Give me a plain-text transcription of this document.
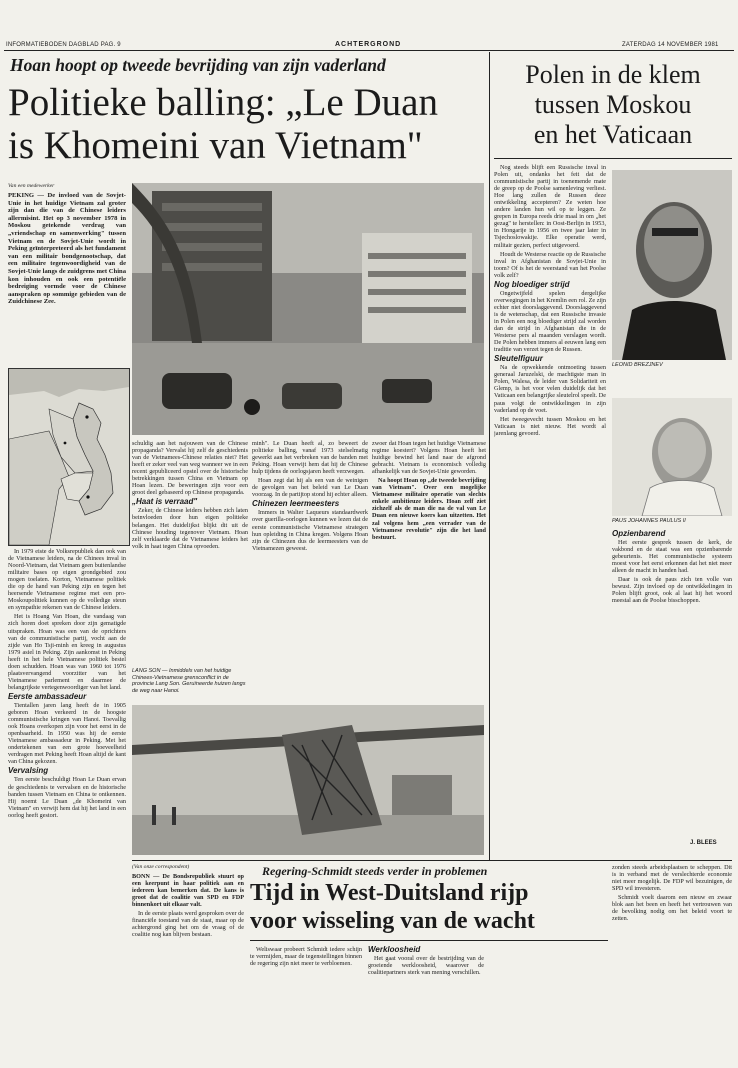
INFORMATIEBODEN DAGBLAD PAG. 9	ACHTERGROND	ZATERDAG 14 NOVEMBER 1981
Hoan hoopt op tweede bevrijding van zijn vaderland
Politieke balling: „Le Duan
is Khomeini van Vietnam"
Van een medewerker
PEKING — De invloed van de Sovjet-Unie in het huidige Vietnam zal groter zijn dan die van de Chinese leiders allermisint. Het op 3 november 1978 in Moskou getekende verdrag van „vriendschap en samenwerking" tussen Vietnam en de Sovjet-Unie wordt in Peking geïnterpreteerd als het fundament van een militair bondgenootschap, dat een militaire tegenwoordigheid van de Sovjet-Unie langs de zuidgrens met China kon inhouden en ook een potentiële bedreiging vormde voor de Chinese aanspraken op sommige gebieden van de Zuidchinese Zee.

In 1979 eiste de Volksrepubliek dan ook van de Vietnamese leiders, na de Chinees inval in Noord-Vietnam, dat Vietnam geen buitenlandse militaire bases op eigen grondgebied zou mogen toelaten. Korton, Vietnamese politiek die op de hand van Peking zijn en tegen het heersende Vietnamese regime met een pro-Moskoupolitiek kunnen op de volledige steun en sympathie rekenen van de Chinese leiders.

Het is Hoang Van Hoan, die vandaag van zich horen doet spreken door zijn gematigde uitspraken. Hoan was een van de oprichters van de communistische partij, vocht aan de zijde van Ho Tsji-minh en kreeg in augustus 1979 asiel in Peking. Zijn aankomst in Peking heeft in het hele Vietnamese politiek bestel doen schudden. Hoan was van 1960 tot 1976 plaatsvervangend voorzitter van het Vietnamese parlement en daarmee de belangrijkste vertegenwoordiger van het land.

Eerste ambassadeur

Tientallen jaren lang heeft de in 1905 geboren Hoan verkeerd in de hoogste communistische kringen van Hanoi. Toevallig ook Hoans overkopen zijn voor het eerst in de openbaarheid. In 1950 was hij de eerste Vietnamese ambassadeur in Peking. Met het ondertekenen van een grote hoeveelheid verdragen met Peking heeft Hoan altijd de kant van China gekozen.

Vervalsing

Ten eerste beschuldigt Hoan Le Duan ervan de geschiedenis te vervalsen en de historische banden tussen Vietnam en China te ontkennen. Hij noemt Le Duan „de Khomeini van Vietnam" en verwijt hem dat hij het land in een oorlog heeft gestort.

schuldig aan het najouwen van de Chinese propaganda? Vervalst hij zelf de geschiedenis van de Vietnamees-Chinese relaties niet? Het heeft er zeker veel van weg wanneer we in een recent gepubliceerd opstel over de historische betrekkingen tussen China en Vietnam op Hoan lezen. De beweringen zijn voor een groot deel gebaseerd op Chinese propaganda.

„Haat is verraad"

Zeker, de Chinese leiders hebben zich laten beinvloeden door hun eigen politieke belangen. Het duidelijkst blijkt dit uit de Chinese houding tegenover Vietnam. Hoan zelf verklaarde dat de Vietnamese leiders het volk in haat tegen China opvoeden.

LANG SON — Inmiddels van het huidige Chinees-Vietnamese grensconflict in de provincie Lang Son. Geruïneerde huizen langs de weg naar Hanoi.

minh". Le Duan heeft al, zo beweert de politieke balling, vanaf 1973 stelselmatig gewerkt aan het verbreken van de banden met Peking. Hoan verwijt hem dat hij de Chinese hulp tijdens de oorlogsjaren heeft verzwegen.

Hoan zegt dat hij als een van de weinigen de gevolgen van het beleid van Le Duan voorzag. In de partijtop stond hij echter alleen.

Chinezen leermeesters

Immers in Walter Laqueurs standaardwerk over guerilla-oorlogen kunnen we lezen dat de eerste communistische Vietnamese strategen hun opleiding in China kregen. Volgens Hoan zijn de Chinezen dus de leermeesters van de Vietnamezen geweest.

zwoer dat Hoan tegen het huidige Vietnamese regime koestert? Volgens Hoan heeft het huidige bewind het land naar de afgrond gebracht. Vietnam is economisch volledig afhankelijk van de Sovjet-Unie geworden.

Na hoopt Hoan op „de tweede bevrijding van Vietnam". Over een mogelijke Vietnamese militaire operatie van slechts enkele ambitieuze leiders. Hoan zelf ziet zichzelf als de man die na de val van Le Duan een nieuwe koers kan uitzetten. Het zal volgens hem „een verrader van de Vietnamese revolutie" zijn die het land bestuurt.

Polen in de klem
tussen Moskou
en het Vaticaan

Nog steeds blijft een Russische inval in Polen uit, ondanks het feit dat de communistische partij in toenemende mate de greep op de Poolse samenleving verliest. Hoe lang zullen de Russen deze ontwikkeling accepteren? Ze weten hoe andere landen hun wil op te leggen. Ze grepen in Europa reeds drie maal in om „het gezag" te herstellen: in Oost-Berlijn in 1953, in Hongarije in 1956 en twee jaar later in Tsjechoslowakije. Elke operatie werd, militair gezien, perfect uitgevoerd.

Houdt de Westerse reactie op de Russische inval in Afghanistan de Sovjet-Unie in toom? Of is het de weerstand van het Poolse volk zelf?

Nog bloediger strijd

Ongetwijfeld spelen dergelijke overwegingen in het Kremlin een rol. Ze zijn echter niet doorslaggevend. Doorslaggevend is de wetenschap, dat een Russische invasie in Polen een nog bloediger strijd zal worden dan de strijd in Afghanistan die in de Westerse pers al maanden verslagen wordt. De Polen hebben immers al eeuwen lang een traditie van verzet tegen de Russen.

Sleutelfiguur

Na de opwekkende ontmoeting tussen generaal Jaruzelski, de machtigste man in Polen, Walesa, de leider van Solidariteit en Glemp, is het voor velen duidelijk dat het Vaticaan een belangrijke sleutelrol speelt. De paus volgt de ontwikkelingen in zijn vaderland op de voet.

Het tweegevecht tussen Moskou en het Vaticaan is niet nieuw. Het wordt al jarenlang gevoerd.

LEONID BREZJNEV
PAUS JOHANNES PAULUS II

Opzienbarend

Het eerste gesprek tussen de kerk, de vakbond en de staat was een opzienbarende gebeurtenis. Het communistische systeem moest voor het eerst erkennen dat het niet meer alleen de macht in handen had.

Daar is ook de paus zich ten volle van bewust. Zijn invloed op de ontwikkelingen in Polen blijft groot, ook al laat hij het woord meestal aan de Poolse bisschoppen.

J. BLEES
Regering-Schmidt steeds verder in problemen
Tijd in West-Duitsland rijp
voor wisseling van de wacht
(Van onze correspondent)

BONN — De Bondsrepubliek stuurt op een keerpunt in haar politiek aan en iedereen kan bemerken dat. De kans is groot dat de coalitie van SPD en FDP binnenkort uit elkaar valt.

In de eerste plaats werd gesproken over de financiële toestand van de staat, maar op de achtergrond ging het om de vraag of de coalitie nog kan blijven bestaan.

Weliswaar probeert Schmidt iedere schijn te vermijden, maar de tegenstellingen binnen de regering zijn niet meer te verbloemen.

Werkloosheid

Het gaat vooral over de bestrijding van de groeiende werkloosheid, waarover de coalitiepartners sterk van mening verschillen.

zonden steeds arbeidsplaatsen te scheppen. Dit is in verband met de verslechterde economie niet meer mogelijk. De FDP wil bezuinigen, de SPD wil investeren.

Schmidt voelt daarom een nieuw en zwaar blok aan het been en heeft het vertrouwen van de bevolking nodig om het beleid voort te zetten.
